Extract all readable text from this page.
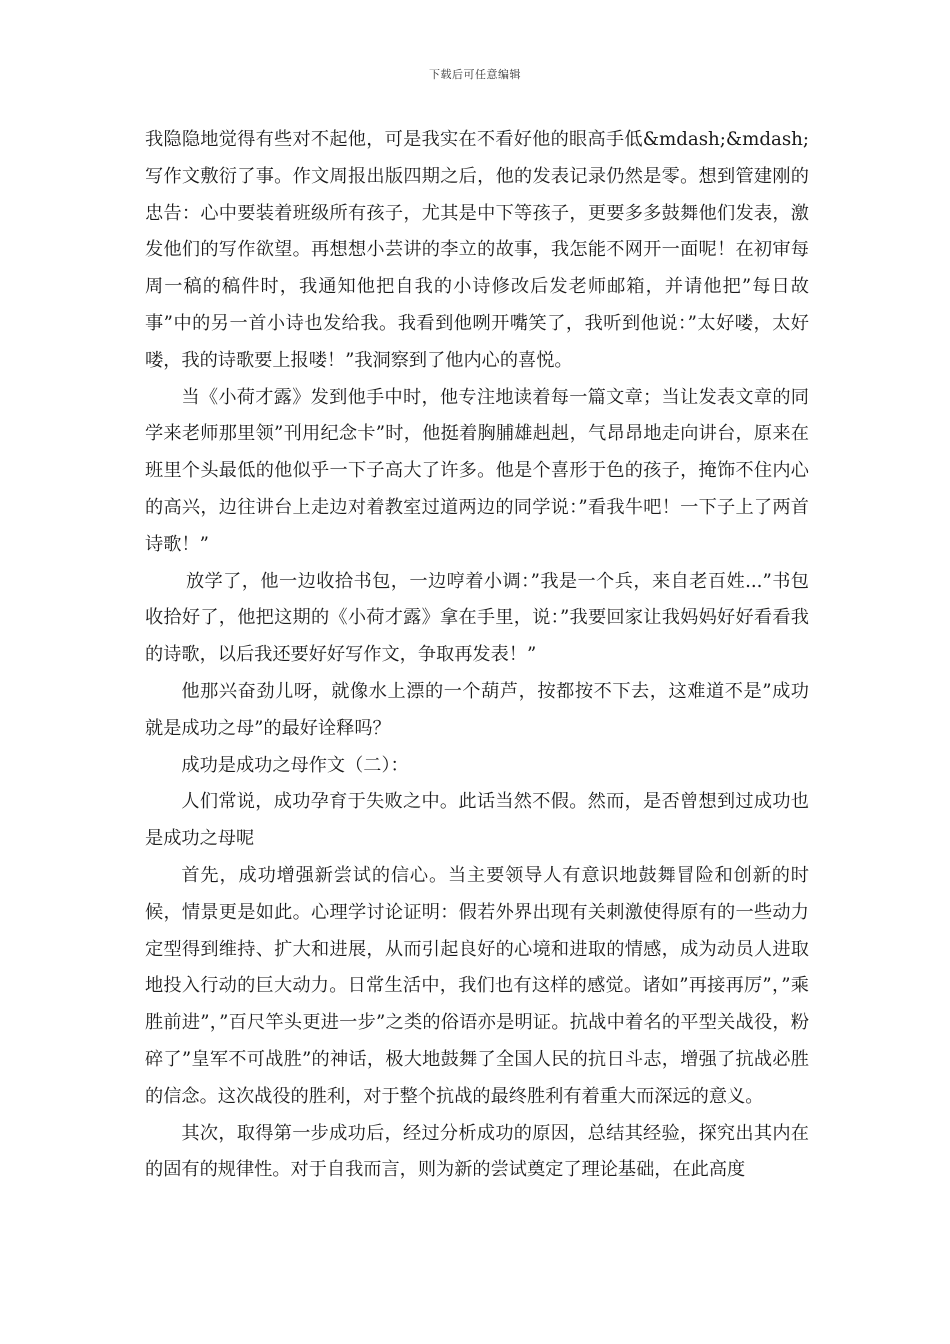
下载后可任意编辑

我隐隐地觉得有些对不起他，可是我实在不看好他的眼高手低&mdash;&mdash;写作文敷衍了事。作文周报出版四期之后，他的发表记录仍然是零。想到管建刚的忠告：心中要装着班级所有孩子，尤其是中下等孩子，更要多多鼓舞他们发表，激发他们的写作欲望。再想想小芸讲的李立的故事，我怎能不网开一面呢！在初审每周一稿的稿件时，我通知他把自我的小诗修改后发老师邮箱，并请他把”每日故事”中的另一首小诗也发给我。我看到他咧开嘴笑了，我听到他说：”太好喽，太好喽，我的诗歌要上报喽！”我洞察到了他内心的喜悦。

当《小荷才露》发到他手中时，他专注地读着每一篇文章；当让发表文章的同学来老师那里领”刊用纪念卡”时，他挺着胸脯雄赳赳，气昂昂地走向讲台，原来在班里个头最低的他似乎一下子高大了许多。他是个喜形于色的孩子，掩饰不住内心的高兴，边往讲台上走边对着教室过道两边的同学说：”看我牛吧！一下子上了两首诗歌！”

放学了，他一边收拾书包，一边哼着小调：”我是一个兵，来自老百姓...”书包收拾好了，他把这期的《小荷才露》拿在手里，说：”我要回家让我妈妈好好看看我的诗歌，以后我还要好好写作文，争取再发表！”

他那兴奋劲儿呀，就像水上漂的一个葫芦，按都按不下去，这难道不是”成功就是成功之母”的最好诠释吗？

成功是成功之母作文（二）：

人们常说，成功孕育于失败之中。此话当然不假。然而，是否曾想到过成功也是成功之母呢

首先，成功增强新尝试的信心。当主要领导人有意识地鼓舞冒险和创新的时候，情景更是如此。心理学讨论证明：假若外界出现有关刺激使得原有的一些动力定型得到维持、扩大和进展，从而引起良好的心境和进取的情感，成为动员人进取地投入行动的巨大动力。日常生活中，我们也有这样的感觉。诸如”再接再厉”，”乘胜前进”，”百尺竿头更进一步”之类的俗语亦是明证。抗战中着名的平型关战役，粉碎了”皇军不可战胜”的神话，极大地鼓舞了全国人民的抗日斗志，增强了抗战必胜的信念。这次战役的胜利，对于整个抗战的最终胜利有着重大而深远的意义。

其次，取得第一步成功后，经过分析成功的原因，总结其经验，探究出其内在的固有的规律性。对于自我而言，则为新的尝试奠定了理论基础，在此高度
